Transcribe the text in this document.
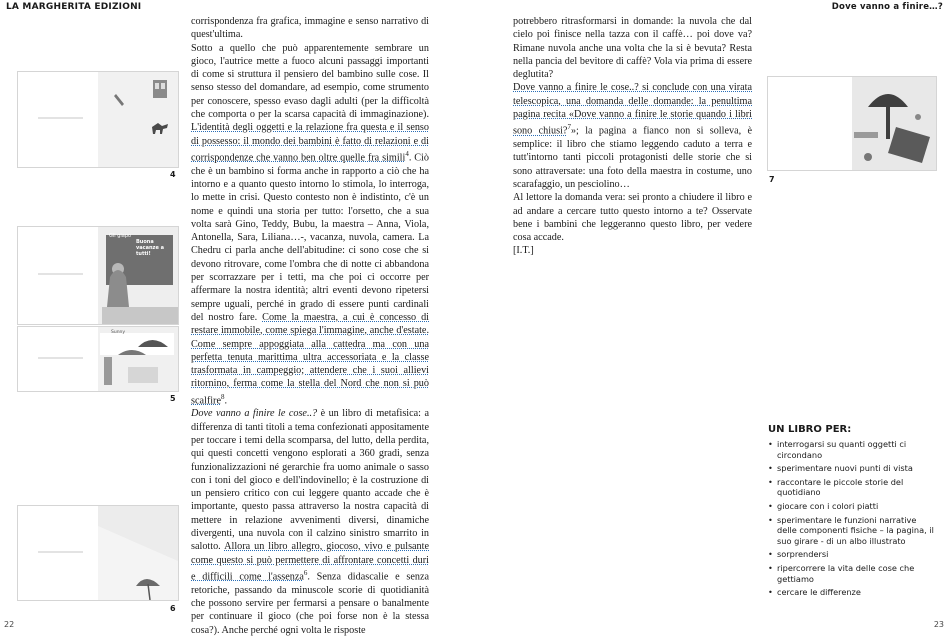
LA MARGHERITA EDIZIONI	Dove vanno a finire…?
4
Gli giapo
Buona vacanze a tutti!
Sunny
5
6
7

corrispondenza fra grafica, immagine e senso narrativo di quest'ultima.

Sotto a quello che può apparentemente sembrare un gioco, l'autrice mette a fuoco alcuni passaggi importanti di come si struttura il pensiero del bambino sulle cose. Il senso stesso del domandare, ad esempio, come strumento per conoscere, spesso evaso dagli adulti (per la difficoltà che comporta o per la scarsa capacità di immaginazione). L'identità degli oggetti e la relazione fra questa e il senso di possesso: il mondo dei bambini è fatto di relazioni e di corrispondenze che vanno ben oltre quelle fra simili$^4$. Ciò che è un bambino si forma anche in rapporto a ciò che ha intorno e a quanto questo intorno lo stimola, lo interroga, lo mette in crisi. Questo contesto non è indistinto, c'è un nome e quindi una storia per tutto: l'orsetto, che a sua volta sarà Gino, Teddy, Bubu, la maestra – Anna, Viola, Antonella, Sara, Liliana…-, vacanza, nuvola, camera. La Chedru ci parla anche dell'abitudine: ci sono cose che si devono ritrovare, come l'ombra che di notte ci abbandona per scorrazzare per i tetti, ma che poi ci occorre per affermare la nostra identità; altri eventi devono ripetersi sempre uguali, perché in grado di essere punti cardinali del nostro fare. Come la maestra, a cui è concesso di restare immobile, come spiega l'immagine, anche d'estate. Come sempre appoggiata alla cattedra ma con una perfetta tenuta marittima ultra accessoriata e la classe trasformata in campeggio; attendere che i suoi allievi ritornino, ferma come la stella del Nord che non si può scalfire$^8$.

Dove vanno a finire le cose..? è un libro di metafisica: a differenza di tanti titoli a tema confezionati appositamente per toccare i temi della scomparsa, del lutto, della perdita, qui questi concetti vengono esplorati a 360 gradi, senza funzionalizzazioni né gerarchie fra uomo animale o sasso con i toni del gioco e dell'indovinello; è la costruzione di un pensiero critico con cui leggere quanto accade che è importante, questo passa attraverso la nostra capacità di mettere in relazione avvenimenti diversi, dinamiche divergenti, una nuvola con il calzino sinistro smarrito in salotto. Allora un libro allegro, giocoso, vivo e pulsante come questo si può permettere di affrontare concetti duri e difficili come l'assenza$^6$. Senza didascalie e senza retoriche, passando da minuscole scorie di quotidianità che possono servire per fermarsi a pensare o banalmente per continuare il gioco (che poi forse non è la stessa cosa?). Anche perché ogni volta le risposte

potrebbero ritrasformarsi in domande: la nuvola che dal cielo poi finisce nella tazza con il caffè… poi dove va? Rimane nuvola anche una volta che la si è bevuta? Resta nella pancia del bevitore di caffè? Vola via prima di essere deglutita?

Dove vanno a finire le cose..? si conclude con una virata telescopica, una domanda delle domande: la penultima pagina recita «Dove vanno a finire le storie quando i libri sono chiusi?$^7$»; la pagina a fianco non si solleva, è semplice: il libro che stiamo leggendo caduto a terra e tutt'intorno tanti piccoli protagonisti delle storie che si sono attraversate: una foto della maestra in costume, uno scarafaggio, un pesciolino…

Al lettore la domanda vera: sei pronto a chiudere il libro e ad andare a cercare tutto questo intorno a te? Osservate bene i bambini che leggeranno questo libro, per vedere cosa accade.

[I.T.]

UN LIBRO PER:
• interrogarsi su quanti oggetti ci circondano
• sperimentare nuovi punti di vista
• raccontare le piccole storie del quotidiano
• giocare con i colori piatti
• sperimentare le funzioni narrative delle componenti fisiche – la pagina, il suo girare - di un albo illustrato
• sorprendersi
• ripercorrere la vita delle cose che gettiamo
• cercare le differenze
22	23
